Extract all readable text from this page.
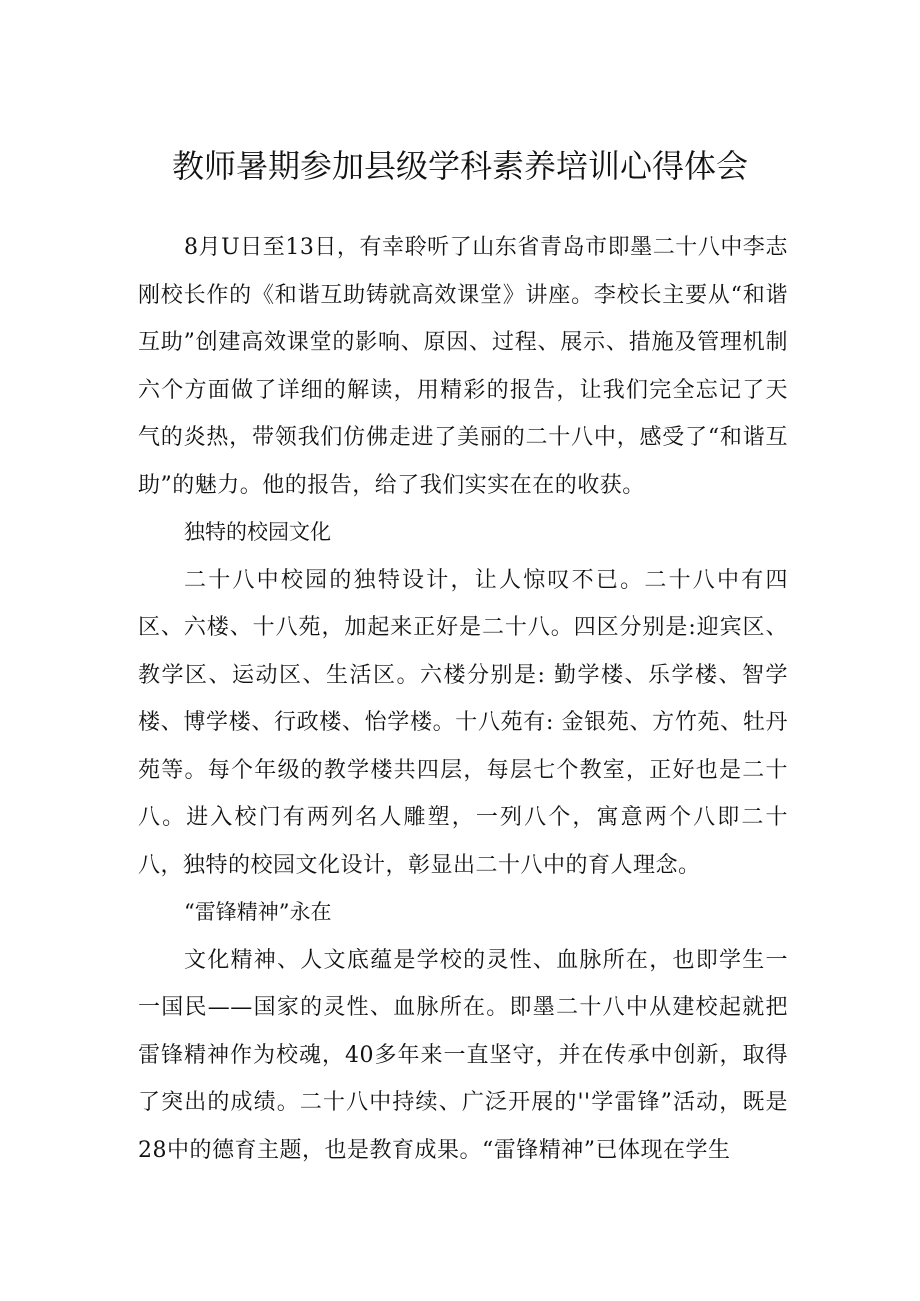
教师暑期参加县级学科素养培训心得体会

8月U日至13日，有幸聆听了山东省青岛市即墨二十八中李志刚校长作的《和谐互助铸就高效课堂》讲座。李校长主要从“和谐互助”创建高效课堂的影响、原因、过程、展示、措施及管理机制六个方面做了详细的解读，用精彩的报告，让我们完全忘记了天气的炎热，带领我们仿佛走进了美丽的二十八中，感受了“和谐互助”的魅力。他的报告，给了我们实实在在的收获。

独特的校园文化

二十八中校园的独特设计，让人惊叹不已。二十八中有四区、六楼、十八苑，加起来正好是二十八。四区分别是:迎宾区、教学区、运动区、生活区。六楼分别是: 勤学楼、乐学楼、智学楼、博学楼、行政楼、怡学楼。十八苑有: 金银苑、方竹苑、牡丹苑等。每个年级的教学楼共四层，每层七个教室，正好也是二十八。进入校门有两列名人雕塑，一列八个，寓意两个八即二十八，独特的校园文化设计，彰显出二十八中的育人理念。

“雷锋精神”永在

文化精神、人文底蕴是学校的灵性、血脉所在，也即学生一一国民——国家的灵性、血脉所在。即墨二十八中从建校起就把雷锋精神作为校魂，40多年来一直坚守，并在传承中创新，取得了突出的成绩。二十八中持续、广泛开展的''学雷锋”活动，既是28中的德育主题，也是教育成果。“雷锋精神”已体现在学生
